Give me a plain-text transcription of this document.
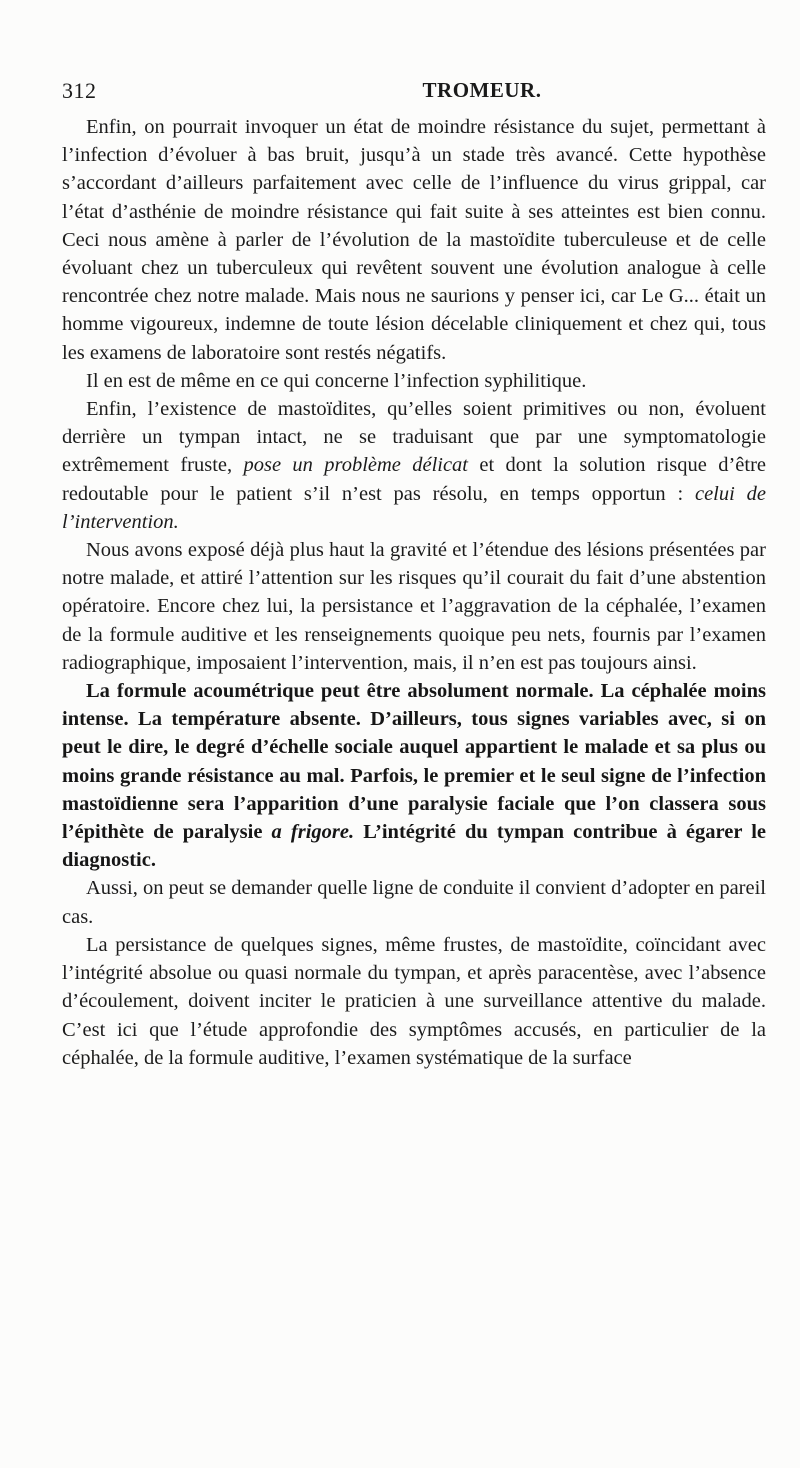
312	TROMEUR.

Enfin, on pourrait invoquer un état de moindre résistance du sujet, permettant à l’infection d’évoluer à bas bruit, jusqu’à un stade très avancé. Cette hypothèse s’accordant d’ailleurs parfaitement avec celle de l’influence du virus grippal, car l’état d’asthénie de moindre résistance qui fait suite à ses atteintes est bien connu. Ceci nous amène à parler de l’évolution de la mastoïdite tuberculeuse et de celle évoluant chez un tuberculeux qui revêtent souvent une évolution analogue à celle rencontrée chez notre malade. Mais nous ne saurions y penser ici, car Le G... était un homme vigoureux, indemne de toute lésion décelable cliniquement et chez qui, tous les examens de laboratoire sont restés négatifs.

Il en est de même en ce qui concerne l’infection syphilitique.

Enfin, l’existence de mastoïdites, qu’elles soient primitives ou non, évoluent derrière un tympan intact, ne se traduisant que par une symptomatologie extrêmement fruste, pose un problème délicat et dont la solution risque d’être redoutable pour le patient s’il n’est pas résolu, en temps opportun : celui de l’intervention.

Nous avons exposé déjà plus haut la gravité et l’étendue des lésions présentées par notre malade, et attiré l’attention sur les risques qu’il courait du fait d’une abstention opératoire. Encore chez lui, la persistance et l’aggravation de la céphalée, l’examen de la formule auditive et les renseignements quoique peu nets, fournis par l’examen radiographique, imposaient l’intervention, mais, il n’en est pas toujours ainsi.

La formule acoumétrique peut être absolument normale. La céphalée moins intense. La température absente. D’ailleurs, tous signes variables avec, si on peut le dire, le degré d’échelle sociale auquel appartient le malade et sa plus ou moins grande résistance au mal. Parfois, le premier et le seul signe de l’infection mastoïdienne sera l’apparition d’une paralysie faciale que l’on classera sous l’épithète de paralysie a frigore. L’intégrité du tympan contribue à égarer le diagnostic.

Aussi, on peut se demander quelle ligne de conduite il convient d’adopter en pareil cas.

La persistance de quelques signes, même frustes, de mastoïdite, coïncidant avec l’intégrité absolue ou quasi normale du tympan, et après paracentèse, avec l’absence d’écoulement, doivent inciter le praticien à une surveillance attentive du malade. C’est ici que l’étude approfondie des symptômes accusés, en particulier de la céphalée, de la formule auditive, l’examen systématique de la surface
